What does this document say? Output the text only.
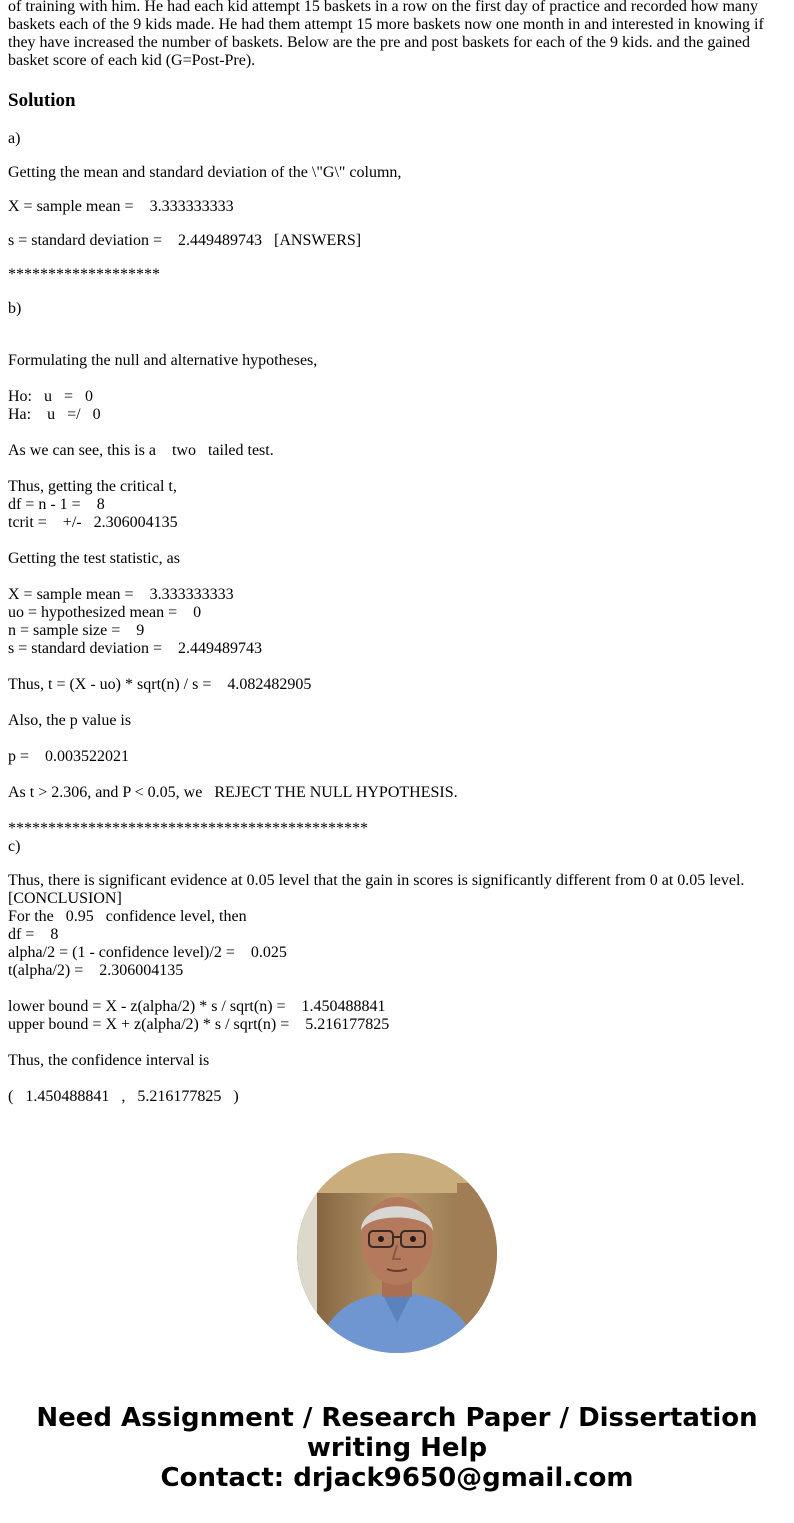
of training with him. He had each kid attempt 15 baskets in a row on the first day of practice and recorded how many baskets each of the 9 kids made. He had them attempt 15 more baskets now one month in and interested in knowing if they have increased the number of baskets. Below are the pre and post baskets for each of the 9 kids. and the gained basket score of each kid (G=Post-Pre).

Solution
a)
Getting the mean and standard deviation of the \"G\" column,
X = sample mean =    3.333333333
s = standard deviation =    2.449489743   [ANSWERS]
*******************
b)
Formulating the null and alternative hypotheses,
Ho:   u   =   0
Ha:    u   =/   0
As we can see, this is a    two   tailed test.
Thus, getting the critical t,
df = n - 1 =    8
tcrit =    +/-   2.306004135
Getting the test statistic, as
X = sample mean =    3.333333333
uo = hypothesized mean =    0
n = sample size =    9
s = standard deviation =    2.449489743
Thus, t = (X - uo) * sqrt(n) / s =    4.082482905
Also, the p value is
p =    0.003522021
As t > 2.306, and P < 0.05, we   REJECT THE NULL HYPOTHESIS.
*********************************************
c)
Thus, there is significant evidence at 0.05 level that the gain in scores is significantly different from 0 at 0.05 level. [CONCLUSION]
For the   0.95   confidence level, then
df =    8
alpha/2 = (1 - confidence level)/2 =    0.025
t(alpha/2) =    2.306004135
lower bound = X - z(alpha/2) * s / sqrt(n) =    1.450488841
upper bound = X + z(alpha/2) * s / sqrt(n) =    5.216177825
Thus, the confidence interval is
(   1.450488841   ,   5.216177825   )
Need Assignment / Research Paper / Dissertation
writing Help
Contact: drjack9650@gmail.com
